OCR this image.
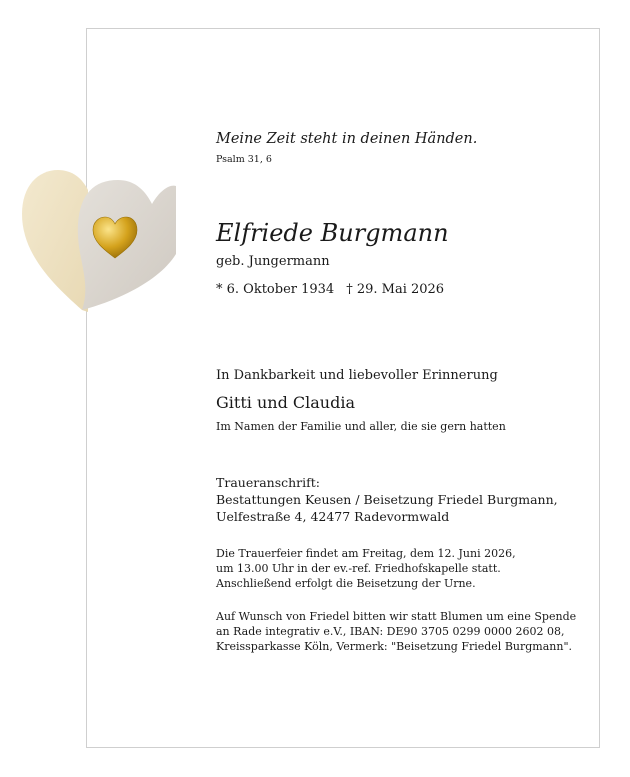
Meine Zeit steht in deinen Händen.
Psalm 31, 6
Elfriede Burgmann
geb. Jungermann
* 6. Oktober 1934 † 29. Mai 2026
In Dankbarkeit und liebevoller Erinnerung
Gitti und Claudia
Im Namen der Familie und aller, die sie gern hatten
Traueranschrift:
Bestattungen Keusen / Beisetzung Friedel Burgmann,
Uelfestraße 4, 42477 Radevormwald
Die Trauerfeier findet am Freitag, dem 12. Juni 2026,
um 13.00 Uhr in der ev.-ref. Friedhofskapelle statt.
Anschließend erfolgt die Beisetzung der Urne.
Auf Wunsch von Friedel bitten wir statt Blumen um eine Spende
an Rade integrativ e.V., IBAN: DE90 3705 0299 0000 2602 08,
Kreissparkasse Köln, Vermerk: "Beisetzung Friedel Burgmann".
